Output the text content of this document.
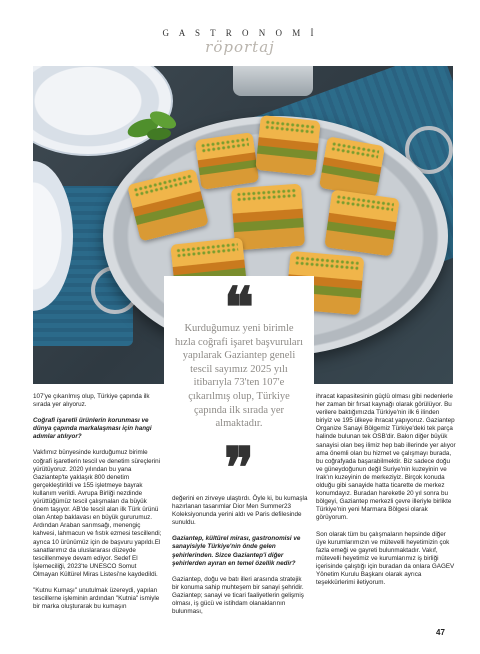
G A S T R O N O M İ
röportaj
❝
Kurduğumuz yeni birimle hızla coğrafi işaret başvuruları yapılarak Gaziantep geneli tescil sayımız 2025 yılı itibarıyla 73'ten 107'e çıkarılmış olup, Türkiye çapında ilk sırada yer almaktadır.
❞

107'ye çıkarılmış olup, Türkiye çapında ilk sırada yer alıyoruz.

Coğrafi işaretli ürünlerin korunması ve dünya çapında markalaşması için hangi adımlar atılıyor?

Vakfımız bünyesinde kurduğumuz birimle coğrafi işaretlerin tescil ve denetim süreçlerini yürütüyoruz. 2020 yılından bu yana Gaziantep'te yaklaşık 800 denetim gerçekleştirildi ve 155 işletmeye bayrak kullanım verildi. Avrupa Birliği nezdinde yürüttüğümüz tescil çalışmaları da büyük önem taşıyor. AB'de tescil alan ilk Türk ürünü olan Antep baklavası en büyük gururumuz. Ardından Araban sarımsağı, menengiç kahvesi, lahmacun ve fıstık ezmesi tescillendi; ayrıca 10 ürünümüz için de başvuru yapıldı.El sanatlarımız da uluslararası düzeyde tescillenmeye devam ediyor. Sedef El İşlemeciliği, 2023'te UNESCO Somut Olmayan Kültürel Miras Listesi'ne kaydedildi.

"Kutnu Kumaşı" unutulmak üzereydi, yapılan tescillerne işleminin ardından "Kutnia" ismiyle bir marka oluşturarak bu kumaşın

değerini en zirveye ulaştırdı. Öyle ki, bu kumaşla hazırlanan tasarımlar Dior Men Summer23 Koleksiyonunda yerini aldı ve Paris defilesinde sunuldu.

Gaziantep, kültürel mirası, gastronomisi ve sanayisiyle Türkiye'nin önde gelen şehirlerinden. Sizce Gaziantep'i diğer şehirlerden ayıran en temel özellik nedir?

Gaziantep, doğu ve batı illeri arasında stratejik bir konuma sahip muhteşem bir sanayi şehridir. Gaziantep; sanayi ve ticari faaliyetlerin gelişmiş olması, iş gücü ve istihdam olanaklarının bulunması,

ihracat kapasitesinin güçlü olması gibi nedenlerle her zaman bir fırsat kaynağı olarak görülüyor. Bu verilere baktığımızda Türkiye'nin ilk 6 ilinden biriyiz ve 195 ülkeye ihracat yapıyoruz. Gaziantep Organize Sanayi Bölgemiz Türkiye'deki tek parça halinde bulunan tek OSB'dir. Bakın diğer büyük sanayisi olan beş ilimiz hep bab illerinde yer alıyor ama önemli olan bu hizmet ve çalışmayı burada, bu coğrafyada başarabilmektir. Biz sadece doğu ve güneydoğunun değil Suriye'nin kuzeyinin ve Irak'ın kuzeyinin de merkeziyiz. Birçok konuda olduğu gibi sanayide hatta ticarette de merkez konumdayız. Buradan hareketle 20 yıl sonra bu bölgeyi, Gaziantep merkezli çevre illeriyle birlikte Türkiye'nin yeni Marmara Bölgesi olarak görüyorum.

Son olarak tüm bu çalışmaların hepsinde diğer üye kurumlarımızın ve mütevelli heyetimizin çok fazla emeği ve gayreti bulunmaktadır. Vakıf, mütevelli heyetimiz ve kurumlarımız iş birliği içerisinde çalıştığı için buradan da onlara GAGEV Yönetim Kurulu Başkanı olarak ayrıca teşekkürlerimi iletiyorum.

47
